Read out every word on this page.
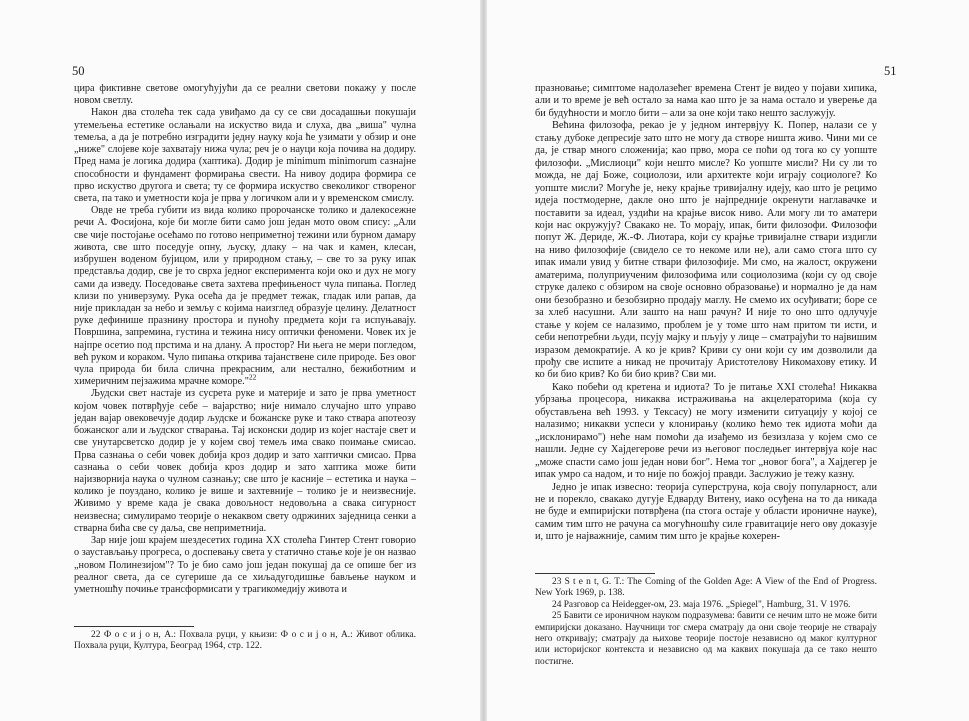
50

цира фиктивне светове омогућујући да се реални светови покажу у после новом светлу.

Након два столећа тек сада увиђамо да су се сви досадашњи покушаји утемељења естетике ослањали на искуство вида и слуха, два „виша" чулна темеља, а да је потребно изградити једну науку која ће узимати у обзир и оне „ниже" слојеве које захватају нижа чула; реч је о науци која почива на додиру. Пред нама је логика додира (хаптика). Додир је minimum minimorum сазнајне способности и фундамент формирања свести. На нивоу додира формира се прво искуство другога и света; ту се формира искуство свеколиког створеног света, па тако и уметности која је прва у логичком али и у временском смислу.

Овде не треба губити из вида колико пророчанске толико и далекосежне речи А. Фосијона, које би могле бити само још један мото овом спису: „Али све чије постојање осећамо по готово непримeтној тежини или бурном дамару живота, све што поседује опну, љуску, длаку – на чак и камен, клесан, избрушен воденом бујицом, или у природном стању, – све то за руку ипак представља додир, све је то сврха једног експеримента који око и дух не могу сами да изведу. Поседовање света захтева префињеност чула пипања. Поглед клизи по универзуму. Рука осећа да је предмет тежак, гладак или рапав, да није прикладан за небо и земљу с којима наизглед образује целину. Делатност руке дефинише празнину простора и пуноћу предмета који га испуњавају. Површина, запремина, густина и тежина нису оптички феномени. Човек их је најпре осетио под прстима и на длану. А простор? Ни њега не мери погледом, већ руком и кораком. Чуло пипања открива тајанствене силе природе. Без овог чула природа би била слична прекрасним, али нестално, бежиботним и химеричним пејзажима мрачне коморе."$^{22}$

Људски свет настаје из сусрета руке и материје и зато је прва уметност којом човек потврђује себе – вајарство; није нимало случајно што управо један вајар овековечује додир људске и божанске руке и тако ствара апотеозу божанског али и људског стварања. Тај исконски додир из којег настаје свет и све унутарсветско додир је у којем свој темељ има свако поимање смисао. Прва сазнања о себи човек добија кроз додир и зато хаптички смисао. Прва сазнања о себи човек добија кроз додир и зато хаптика може бити најизворнија наука о чулном сазнању; све што је каснијe – естетика и наука – колико је поуздано, колико је више и захтевније – толико је и неизвесније. Живимо у време када је свака довољност недовољна а свака сигурност неизвесна; симулирамо теорије о некаквом свету одржиних заједница сенки а стварна бића све су даља, све непримeтнија.

Зар није још крајем шездесетих година ХХ столећа Гинтер Стент говорио о заустављању прогреса, о доспевању света у статично стање које је он назвао „новом Полинезијом"? То је био само још један покушај да се опише бег из реалног света, да се сугерише да се хиљадугодишње бављење науком и уметношћу почиње трансформисати у трагикомедију живота и

22 Ф о с и ј о н, А.: Похвала руци, у књизи: Ф о с и ј о н, А.: Живот облика. Похвала руци, Култура, Београд 1964, стр. 122.

51

празновање; симптоме надолазећег времена Стент је видео у појави хипика, али и то време је већ остало за нама као што је за нама остало и уверење да би будућности и могло бити – али за оне који тако нешто заслужују.

Већина филозофа, рекао је у једном интервјуу К. Попер, налази се у стању дубоке депресије зато што не могу да створе ништа живо. Чини ми се да, је ствар много сложенија; као прво, мора се поћи од тога ко су уопште филозофи. „Мислиоци" који нешто мисле? Ко уопште мисли? Ни су ли то можда, не дај Боже, социолози, или архитекте који играју социологе? Ко уопште мисли? Могуће је, неку крајње тривијалну идеју, као што је рецимо идеја постмодерне, дакле оно што је најпрeдније окренути наглавачке и поставити за идеал, уздићи на крајње висок ниво. Али могу ли то аматери који нас окружују? Свакако не. То морају, ипак, бити филозофи. Филозофи попут Ж. Дериде, Ж.-Ф. Лиотара, који су крајње тривијалне ствари издигли на ниво филозофије (свидело се то некоме или не), али само стога што су ипак имали увид у битне ствари филозофије. Ми смо, на жалост, окружени аматерима, полуприученим филозофима или социолозима (који су од своје струке далеко с обзиром на своје основно образовање) и нормално је да нам они безобразно и безобзирно продају маглу. Не смемо их осуђивати; боре се за хлеб насушни. Али зашто на наш рачун? И није то оно што одлучује стање у којем се налазимо, проблем је у томе што нам притом ти исти, и себи непотребни људи, псују мајку и пљују у лице – сматрајући то највишим изразом демократије. А ко је крив? Криви су они који су им дозволили да прођу све испите а никад не прочитају Аристотелову Никомахову етику. И ко би био крив? Ко би био крив? Сви ми.

Како побећи од кретена и идиота? То је питање XXI столећа! Никаква убрзања процесора, никаква истраживања на акцелераторима (која су обустављена већ 1993. у Тексасу) не могу изменити ситуацију у којој се налазимо; никакви успеси у клонирању (колико ћемо тек идиота моћи да „исклонирамо") неће нам помоћи да изађемо из безизлаза у којем смо се нашли. Једне су Хајдегерове речи из његовог последњег интервјуа које нас „може спасти само још један нови бог". Нема тог „новог бога", а Хајдегер је ипак умро са надом, и то није по божјој правди. Заслужио је тежу казну.

Једно је ипак извесно: теорија суперструна, која своју популарност, али не и порекло, свакако дугује Едварду Витену, иако осуђена на то да никада не буде и емпиријски потврђена (па стога остаје у области ироничне науке), самим тим што не рачуна са могућношћу силе гравитације него ову доказује и, што је најважније, самим тим што је крајње кохерен-

23 S t e n t, G. T.: The Coming of the Golden Age: A View of the End of Progress. New York 1969, p. 138.

24 Разговор са Heidegger-ом, 23. маја 1976. „Spiegel", Hamburg, 31. V 1976.

25 Бавити се ироничном науком подразумева: бавити се нечим што не може бити емпиријски доказано. Научници тог смера сматрају да они своје теорије не стварају него откривају; сматрају да њихове теорије постоје независно од маког културног или историјског контекста и независно од ма каквих покушаја да се тако нешто постигне.
